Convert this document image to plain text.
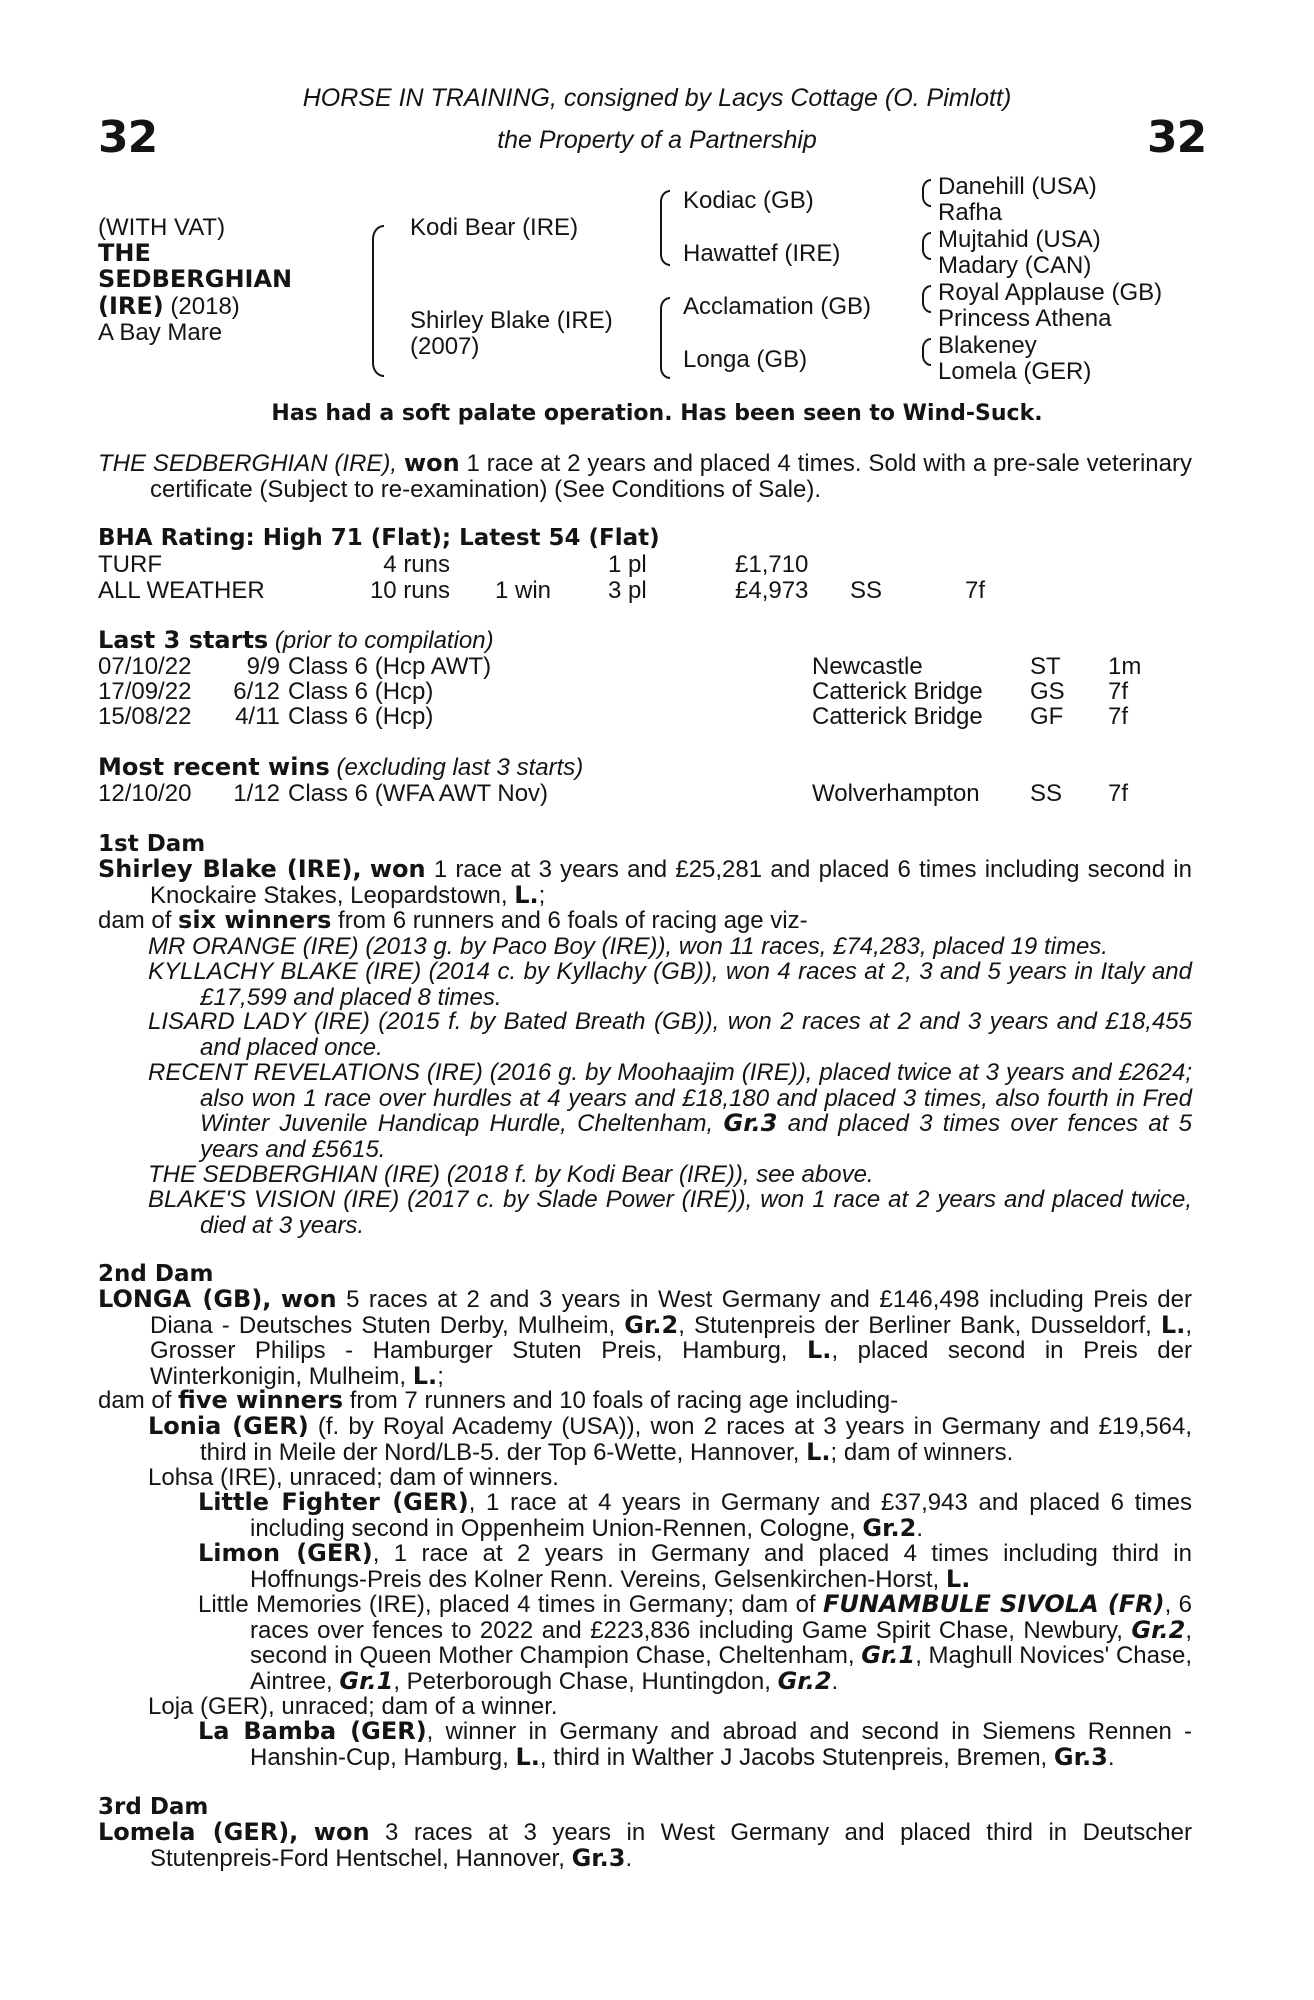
32	32
HORSE IN TRAINING, consigned by Lacys Cottage (O. Pimlott)
the Property of a Partnership
(WITH VAT)
THE
SEDBERGHIAN
(IRE) (2018)
A Bay Mare
Kodi Bear (IRE)
Shirley Blake (IRE)
(2007)
Kodiac (GB)
Hawattef (IRE)
Acclamation (GB)
Longa (GB)
Danehill (USA)
Rafha
Mujtahid (USA)
Madary (CAN)
Royal Applause (GB)
Princess Athena
Blakeney
Lomela (GER)
Has had a soft palate operation. Has been seen to Wind-Suck.

THE SEDBERGHIAN (IRE), won 1 race at 2 years and placed 4 times. Sold with a pre-sale veterinary certificate (Subject to re-examination) (See Conditions of Sale).

BHA Rating: High 71 (Flat); Latest 54 (Flat)
TURF	4 runs	1 pl	£1,710
ALL WEATHER	10 runs 1 win 3 pl	£4,973 SS	7f
Last 3 starts (prior to compilation)
07/10/22	9/9 Class 6 (Hcp AWT)	Newcastle	ST 1m
17/09/22	6/12 Class 6 (Hcp)	Catterick Bridge GS 7f
15/08/22	4/11 Class 6 (Hcp)	Catterick Bridge GF 7f
Most recent wins (excluding last 3 starts)
12/10/20	1/12 Class 6 (WFA AWT Nov)	Wolverhampton SS 7f
1st Dam

Shirley Blake (IRE), won 1 race at 3 years and £25,281 and placed 6 times including second in Knockaire Stakes, Leopardstown, L.;

dam of six winners from 6 runners and 6 foals of racing age viz-

MR ORANGE (IRE) (2013 g. by Paco Boy (IRE)), won 11 races, £74,283, placed 19 times.

KYLLACHY BLAKE (IRE) (2014 c. by Kyllachy (GB)), won 4 races at 2, 3 and 5 years in Italy and £17,599 and placed 8 times.

LISARD LADY (IRE) (2015 f. by Bated Breath (GB)), won 2 races at 2 and 3 years and £18,455 and placed once.

RECENT REVELATIONS (IRE) (2016 g. by Moohaajim (IRE)), placed twice at 3 years and £2624; also won 1 race over hurdles at 4 years and £18,180 and placed 3 times, also fourth in Fred Winter Juvenile Handicap Hurdle, Cheltenham, Gr.3 and placed 3 times over fences at 5 years and £5615.

THE SEDBERGHIAN (IRE) (2018 f. by Kodi Bear (IRE)), see above.

BLAKE'S VISION (IRE) (2017 c. by Slade Power (IRE)), won 1 race at 2 years and placed twice, died at 3 years.

2nd Dam

LONGA (GB), won 5 races at 2 and 3 years in West Germany and £146,498 including Preis der Diana - Deutsches Stuten Derby, Mulheim, Gr.2, Stutenpreis der Berliner Bank, Dusseldorf, L., Grosser Philips - Hamburger Stuten Preis, Hamburg, L., placed second in Preis der Winterkonigin, Mulheim, L.;

dam of five winners from 7 runners and 10 foals of racing age including-

Lonia (GER) (f. by Royal Academy (USA)), won 2 races at 3 years in Germany and £19,564, third in Meile der Nord/LB-5. der Top 6-Wette, Hannover, L.; dam of winners.

Lohsa (IRE), unraced; dam of winners.

Little Fighter (GER), 1 race at 4 years in Germany and £37,943 and placed 6 times including second in Oppenheim Union-Rennen, Cologne, Gr.2.

Limon (GER), 1 race at 2 years in Germany and placed 4 times including third in Hoffnungs-Preis des Kolner Renn. Vereins, Gelsenkirchen-Horst, L.

Little Memories (IRE), placed 4 times in Germany; dam of FUNAMBULE SIVOLA (FR), 6 races over fences to 2022 and £223,836 including Game Spirit Chase, Newbury, Gr.2, second in Queen Mother Champion Chase, Cheltenham, Gr.1, Maghull Novices' Chase, Aintree, Gr.1, Peterborough Chase, Huntingdon, Gr.2.

Loja (GER), unraced; dam of a winner.

La Bamba (GER), winner in Germany and abroad and second in Siemens Rennen - Hanshin-Cup, Hamburg, L., third in Walther J Jacobs Stutenpreis, Bremen, Gr.3.

3rd Dam

Lomela (GER), won 3 races at 3 years in West Germany and placed third in Deutscher Stutenpreis-Ford Hentschel, Hannover, Gr.3.
